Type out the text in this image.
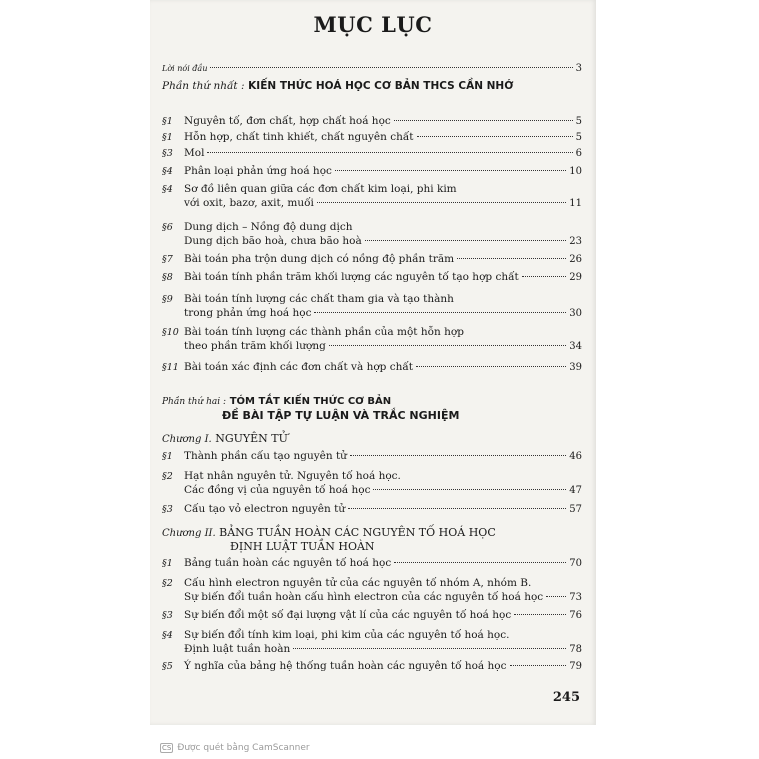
MỤC LỤC
Lời nói đầu	3
Phần thứ nhất : KIẾN THỨC HOÁ HỌC CƠ BẢN THCS CẦN NHỚ
Phần thứ hai : TÓM TẮT KIẾN THỨC CƠ BẢN
ĐỀ BÀI TẬP TỰ LUẬN VÀ TRẮC NGHIỆM
Chương I. NGUYÊN TỬ
Chương II. BẢNG TUẦN HOÀN CÁC NGUYÊN TỐ HOÁ HỌC
ĐỊNH LUẬT TUẦN HOÀN
245
§1	Nguyên tố, đơn chất, hợp chất hoá học	5
§1	Hỗn hợp, chất tinh khiết, chất nguyên chất	5
§3	Mol	6
§4	Phân loại phản ứng hoá học	10
§4	Sơ đồ liên quan giữa các đơn chất kim loại, phi kim
với oxit, bazơ, axit, muối	11
§6	Dung dịch – Nồng độ dung dịch
Dung dịch bão hoà, chưa bão hoà	23
§7	Bài toán pha trộn dung dịch có nồng độ phần trăm	26
§8	Bài toán tính phần trăm khối lượng các nguyên tố tạo hợp chất	29
§9	Bài toán tính lượng các chất tham gia và tạo thành
trong phản ứng hoá học	30
§10 Bài toán tính lượng các thành phần của một hỗn hợp
theo phần trăm khối lượng	34
§11 Bài toán xác định các đơn chất và hợp chất	39
§1	Thành phần cấu tạo nguyên tử	46
§2	Hạt nhân nguyên tử. Nguyên tố hoá học.
Các đồng vị của nguyên tố hoá học	47
§3	Cấu tạo vỏ electron nguyên tử	57
§1	Bảng tuần hoàn các nguyên tố hoá học	70
§2	Cấu hình electron nguyên tử của các nguyên tố nhóm A, nhóm B.
Sự biến đổi tuần hoàn cấu hình electron của các nguyên tố hoá học	73
§3	Sự biến đổi một số đại lượng vật lí của các nguyên tố hoá học	76
§4	Sự biến đổi tính kim loại, phi kim của các nguyên tố hoá học.
Định luật tuần hoàn	78
§5	Ý nghĩa của bảng hệ thống tuần hoàn các nguyên tố hoá học	79
CS Được quét bằng CamScanner
